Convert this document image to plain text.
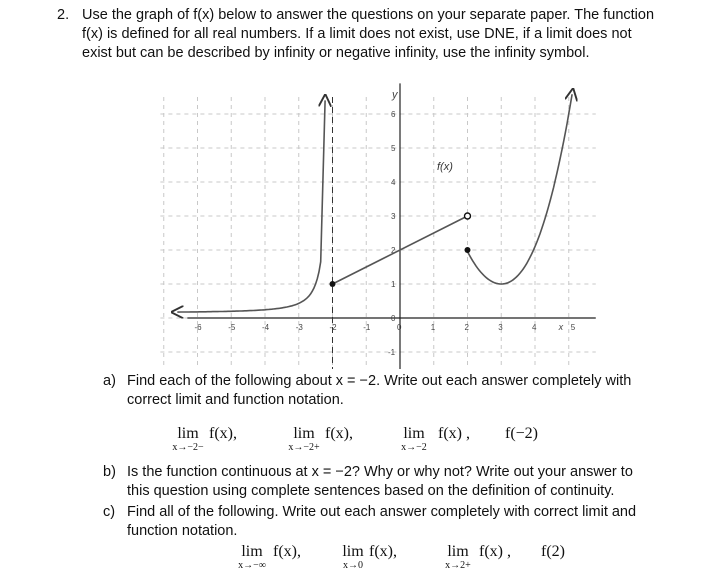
2. Use the graph of f(x) below to answer the questions on your separate paper. The function
f(x) is defined for all real numbers. If a limit does not exist, use DNE, if a limit does not
exist but can be described by infinity or negative infinity, use the infinity symbol.
-6	-5	-4	-3	-2	-1	0	1	2	3	4	5
x
6
5
4
3
2
1
0
-1
y
f(x)
a) Find each of the following about x = −2. Write out each answer completely with
correct limit and function notation.
lim
x→−2−
f(x),	lim
x→−2+
f(x),	lim
x→−2
f(x) , f(−2)
b) Is the function continuous at x = −2? Why or why not? Write out your answer to
this question using complete sentences based on the definition of continuity.
c) Find all of the following. Write out each answer completely with correct limit and
function notation.
lim
x→−∞
f(x),	lim
x→0
f(x),	lim
x→2+
f(x) , f(2)
